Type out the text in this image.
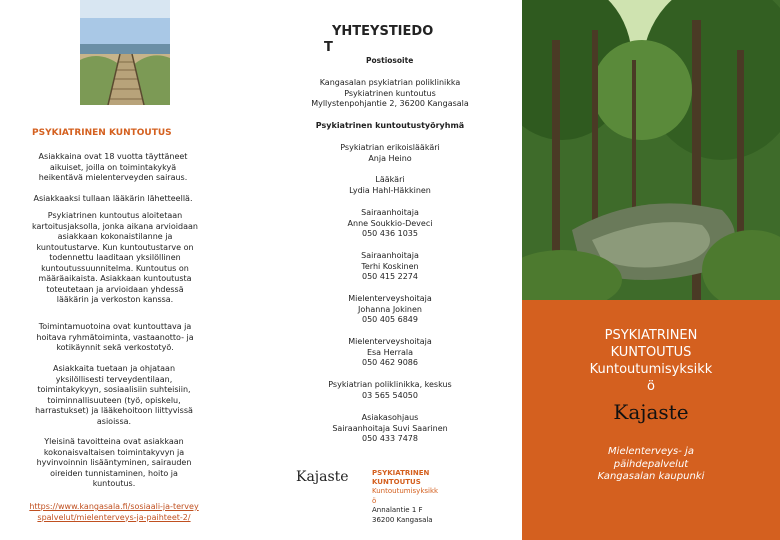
PSYKIATRINEN KUNTOUTUS

Asiakkaina ovat 18 vuotta täyttäneet aikuiset, joilla on toimintakykyä heikentävä mielenterveyden sairaus.

Asiakkaaksi tullaan lääkärin lähetteellä.

Psykiatrinen kuntoutus aloitetaan kartoitusjaksolla, jonka aikana arvioidaan asiakkaan kokonaistilanne ja kuntoutustarve. Kun kuntoutustarve on todennettu laaditaan yksilöllinen kuntoutussuunnitelma. Kuntoutus on määräaikaista. Asiakkaan kuntoutusta toteutetaan ja arvioidaan yhdessä lääkärin ja verkoston kanssa.

Toimintamuotoina ovat kuntouttava ja hoitava ryhmätoiminta, vastaanotto- ja kotikäynnit sekä verkostotyö.

Asiakkaita tuetaan ja ohjataan yksilöllisesti terveydentilaan, toimintakykyyn, sosiaalisiin suhteisiin, toiminnallisuuteen (työ, opiskelu, harrastukset) ja lääkehoitoon liittyvissä asioissa.

Yleisinä tavoitteina ovat asiakkaan kokonaisvaltaisen toimintakyvyn ja hyvinvoinnin lisääntyminen, sairauden oireiden tunnistaminen, hoito ja kuntoutus.

https://www.kangasala.fi/sosiaali-ja-terveyspalvelut/mielenterveys-ja-paihteet-2/

YHTEYSTIEDO

T

Postiosoite

Kangasalan psykiatrian poliklinikka

Psykiatrinen kuntoutus

Myllystenpohjantie 2, 36200 Kangasala

Psykiatrinen kuntoutustyöryhmä

Psykiatrian erikoislääkäri

Anja Heino

Lääkäri

Lydia Hahl-Häkkinen

Sairaanhoitaja

Anne Soukkio-Deveci

050 436 1035

Sairaanhoitaja

Terhi Koskinen

050 415 2274

Mielenterveyshoitaja

Johanna Jokinen

050 405 6849

Mielenterveyshoitaja

Esa Herrala

050 462 9086

Psykiatrian poliklinikka, keskus

03 565 54050

Asiakasohjaus

Sairaanhoitaja Suvi Saarinen

050 433 7478

Kajaste	PSYKIATRINEN

KUNTOUTUS

Kuntoutumisyksikk

ö

Annalantie 1 F

36200 Kangasala

PSYKIATRINEN

KUNTOUTUS

Kuntoutumisyksikk

ö

Kajaste

Mielenterveys- ja

päihdepalvelut

Kangasalan kaupunki
